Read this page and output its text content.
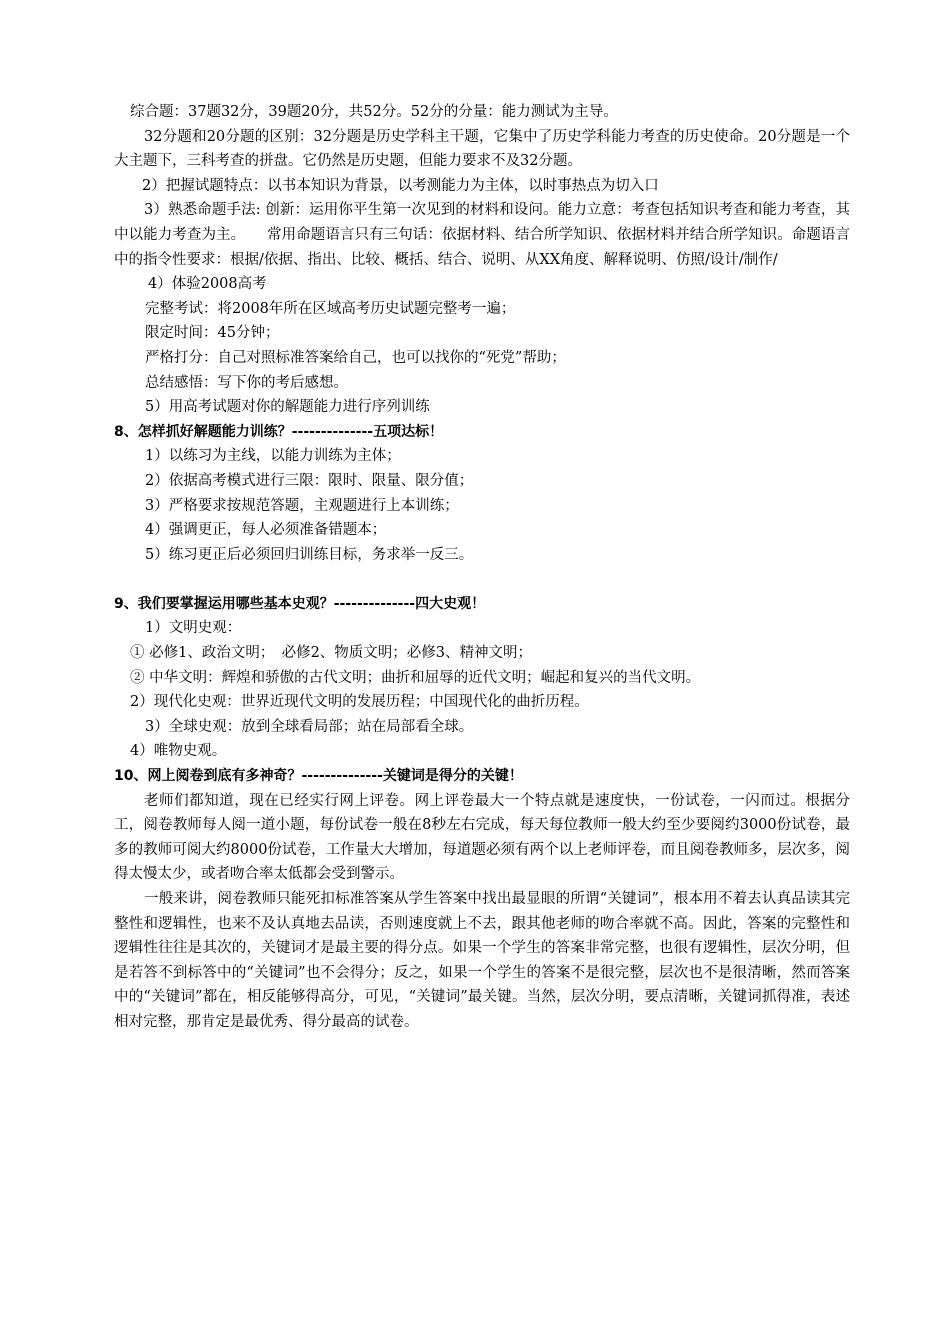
综合题：37题32分，39题20分，共52分。52分的分量：能力测试为主导。

32分题和20分题的区别：32分题是历史学科主干题，它集中了历史学科能力考查的历史使命。20分题是一个大主题下，三科考查的拼盘。它仍然是历史题，但能力要求不及32分题。

2）把握试题特点：以书本知识为背景，以考测能力为主体，以时事热点为切入口

3）熟悉命题手法: 创新：运用你平生第一次见到的材料和设问。能力立意：考查包括知识考查和能力考查，其中以能力考查为主。　　常用命题语言只有三句话：依据材料、结合所学知识、依据材料并结合所学知识。命题语言中的指令性要求：根据/依据、指出、比较、概括、结合、说明、从XX角度、解释说明、仿照/设计/制作/

4）体验2008高考
完整考试：将2008年所在区域高考历史试题完整考一遍；
限定时间：45分钟；
严格打分：自己对照标准答案给自己，也可以找你的“死党”帮助；
总结感悟：写下你的考后感想。
5）用高考试题对你的解题能力进行序列训练
8、怎样抓好解题能力训练？--------------五项达标！
1）以练习为主线，以能力训练为主体；
2）依据高考模式进行三限：限时、限量、限分值；
3）严格要求按规范答题，主观题进行上本训练；
4）强调更正，每人必须准备错题本；
5）练习更正后必须回归训练目标，务求举一反三。
9、我们要掌握运用哪些基本史观？--------------四大史观！
1）文明史观：
① 必修1、政治文明；　必修2、物质文明；必修3、精神文明；
② 中华文明：辉煌和骄傲的古代文明；曲折和屈辱的近代文明；崛起和复兴的当代文明。
2）现代化史观：世界近现代文明的发展历程；中国现代化的曲折历程。
3）全球史观：放到全球看局部；站在局部看全球。
4）唯物史观。
10、网上阅卷到底有多神奇？--------------关键词是得分的关键！

老师们都知道，现在已经实行网上评卷。网上评卷最大一个特点就是速度快，一份试卷，一闪而过。根据分工，阅卷教师每人阅一道小题，每份试卷一般在8秒左右完成，每天每位教师一般大约至少要阅约3000份试卷，最多的教师可阅大约8000份试卷，工作量大大增加，每道题必须有两个以上老师评卷，而且阅卷教师多，层次多，阅得太慢太少，或者吻合率太低都会受到警示。

一般来讲，阅卷教师只能死扣标准答案从学生答案中找出最显眼的所谓“关键词”，根本用不着去认真品读其完整性和逻辑性，也来不及认真地去品读，否则速度就上不去，跟其他老师的吻合率就不高。因此，答案的完整性和逻辑性往往是其次的，关键词才是最主要的得分点。如果一个学生的答案非常完整，也很有逻辑性，层次分明，但是若答不到标答中的“关键词”也不会得分；反之，如果一个学生的答案不是很完整，层次也不是很清晰，然而答案中的“关键词”都在，相反能够得高分，可见，“关键词”最关键。当然，层次分明，要点清晰，关键词抓得准，表述相对完整，那肯定是最优秀、得分最高的试卷。
